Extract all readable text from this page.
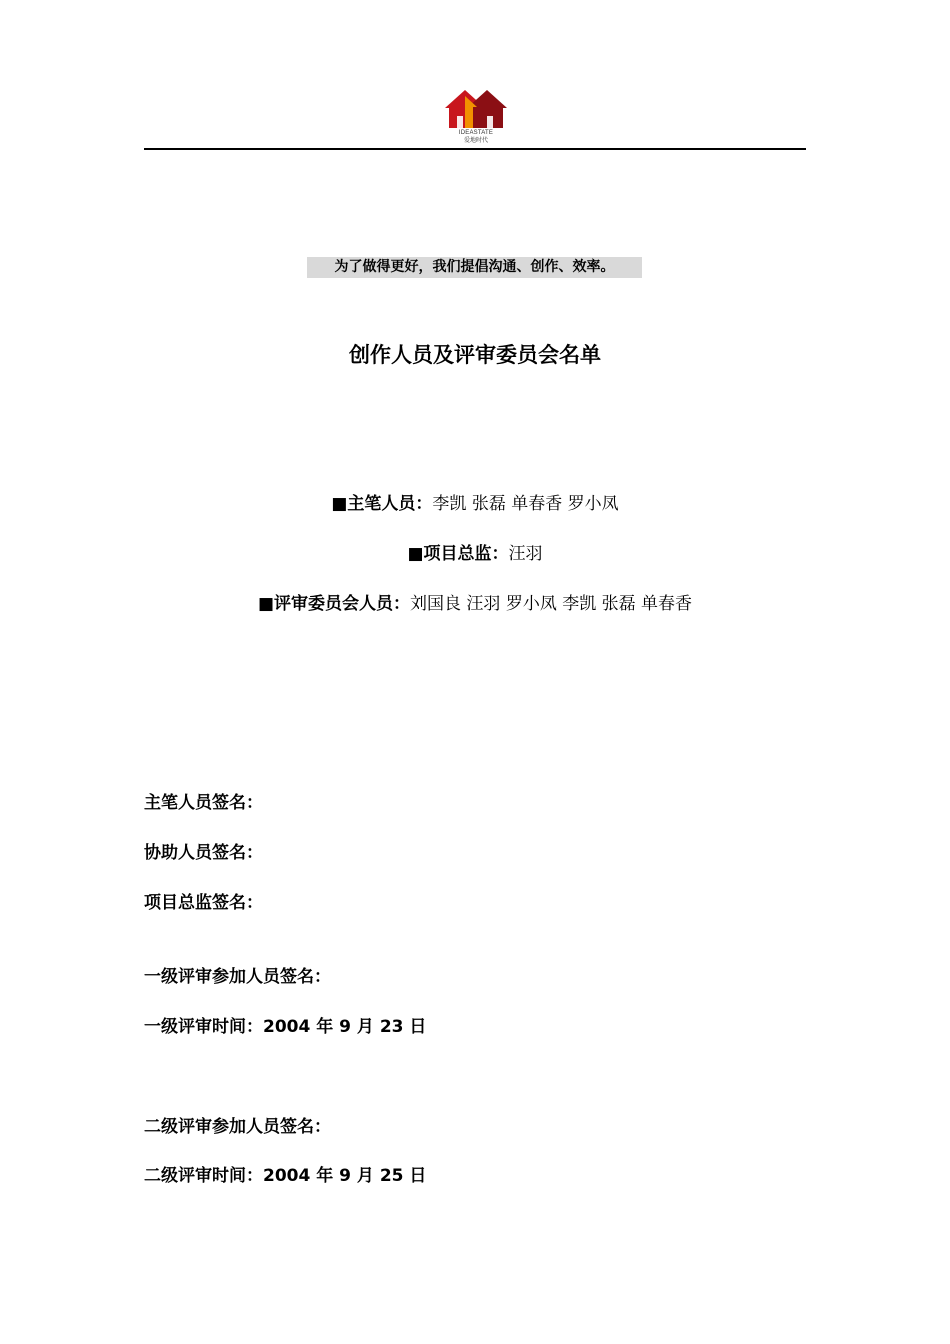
IDEASTATE
爱地时代
为了做得更好，我们提倡沟通、创作、效率。
创作人员及评审委员会名单
■主笔人员：李凯 张磊 单春香 罗小凤
■项目总监：汪羽
■评审委员会人员：刘国良 汪羽 罗小凤 李凯 张磊 单春香
主笔人员签名：
协助人员签名：
项目总监签名：
一级评审参加人员签名：
一级评审时间：2004 年 9 月 23 日
二级评审参加人员签名：
二级评审时间：2004 年 9 月 25 日
